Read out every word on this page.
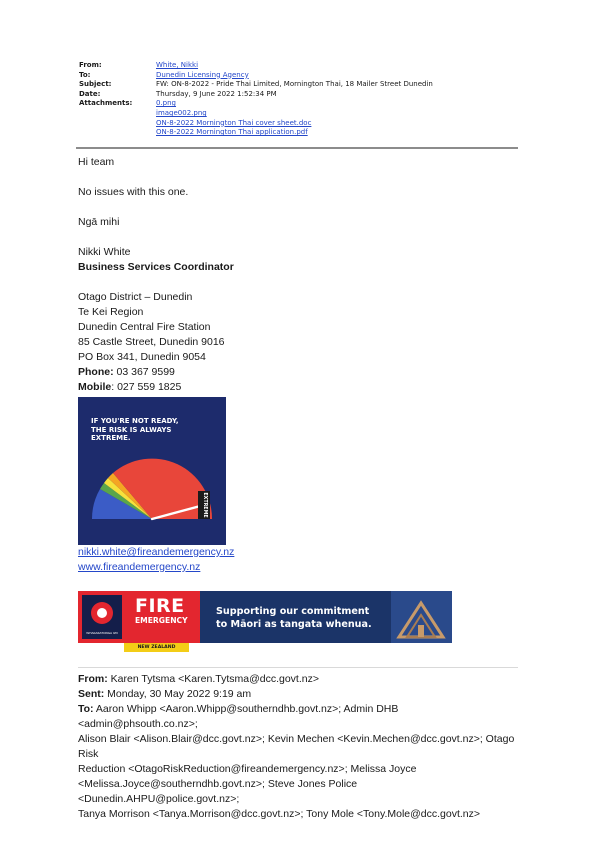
From:	White, Nikki
To:	Dunedin Licensing Agency
Subject:	FW: ON-8-2022 - Pride Thai Limited, Mornington Thai, 18 Mailer Street Dunedin
Date:	Thursday, 9 June 2022 1:52:34 PM
Attachments:	0.png
image002.png
ON-8-2022 Mornington Thai cover sheet.doc
ON-8-2022 Mornington Thai application.pdf
Hi team
No issues with this one.
Ngā mihi
Nikki White
Business Services Coordinator
Otago District – Dunedin
Te Kei Region
Dunedin Central Fire Station
85 Castle Street, Dunedin 9016
PO Box 341, Dunedin 9054
Phone: 03 367 9599
Mobile: 027 559 1825
IF YOU'RE NOT READY,
THE RISK IS ALWAYS
EXTREME.
EXTREME
nikki.white@fireandemergency.nz
www.fireandemergency.nz
WHAKARATONGA IWI
FIRE
EMERGENCY
Supporting our commitment
to Māori as tangata whenua.
NEW ZEALAND
From: Karen Tytsma <Karen.Tytsma@dcc.govt.nz>
Sent: Monday, 30 May 2022 9:19 am
To: Aaron Whipp <Aaron.Whipp@southerndhb.govt.nz>; Admin DHB <admin@phsouth.co.nz>;
Alison Blair <Alison.Blair@dcc.govt.nz>; Kevin Mechen <Kevin.Mechen@dcc.govt.nz>; Otago Risk
Reduction <OtagoRiskReduction@fireandemergency.nz>; Melissa Joyce
<Melissa.Joyce@southerndhb.govt.nz>; Steve Jones Police <Dunedin.AHPU@police.govt.nz>;
Tanya Morrison <Tanya.Morrison@dcc.govt.nz>; Tony Mole <Tony.Mole@dcc.govt.nz>
